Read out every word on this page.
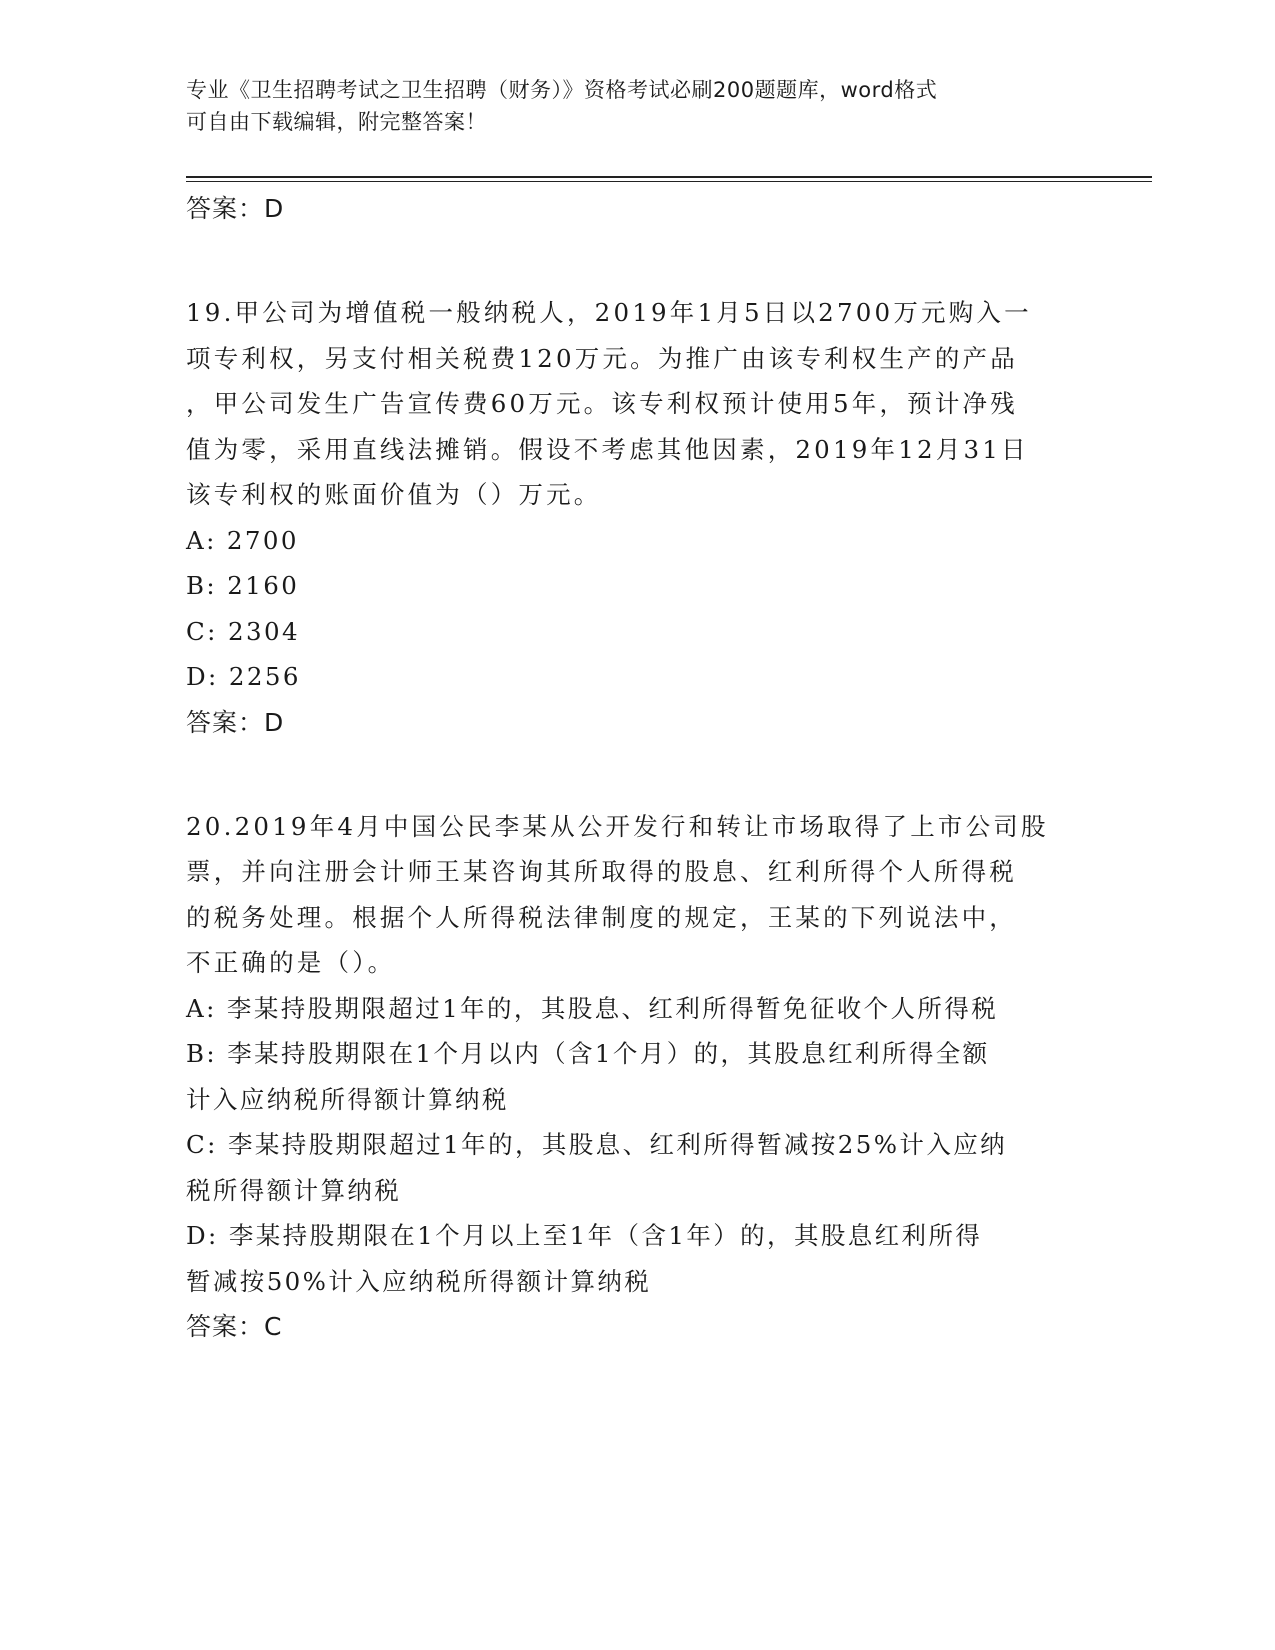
专业《卫生招聘考试之卫生招聘（财务）》资格考试必刷200题题库，word格式
可自由下载编辑，附完整答案！
答案：D
19.甲公司为增值税一般纳税人，2019年1月5日以2700万元购入一
项专利权，另支付相关税费120万元。为推广由该专利权生产的产品
，甲公司发生广告宣传费60万元。该专利权预计使用5年，预计净残
值为零，采用直线法摊销。假设不考虑其他因素，2019年12月31日
该专利权的账面价值为（）万元。
A: 2700
B: 2160
C: 2304
D: 2256
答案：D
20.2019年4月中国公民李某从公开发行和转让市场取得了上市公司股
票，并向注册会计师王某咨询其所取得的股息、红利所得个人所得税
的税务处理。根据个人所得税法律制度的规定，王某的下列说法中，
不正确的是（）。
A: 李某持股期限超过1年的，其股息、红利所得暂免征收个人所得税
B: 李某持股期限在1个月以内（含1个月）的，其股息红利所得全额
计入应纳税所得额计算纳税
C: 李某持股期限超过1年的，其股息、红利所得暂减按25%计入应纳
税所得额计算纳税
D: 李某持股期限在1个月以上至1年（含1年）的，其股息红利所得
暂减按50%计入应纳税所得额计算纳税
答案：C
